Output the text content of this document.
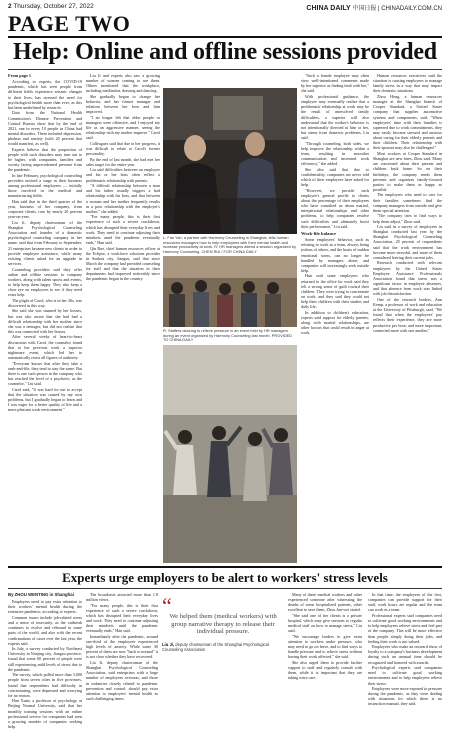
2 Thursday, October 27, 2022	CHINA DAILY 中国日报 | CHINADAILY.COM.CN
PAGE TWO
Help: Online and offline sessions provided
From page 1

According to experts, the COVID-19 pandemic, which has seen people from different fields experience seismic changes to their lives, has stressed the need for psychological health more than ever, as this has been underlined by research.

Data from the National Health Commission's Disease Prevention and Control Bureau show that by the end of 2021, one in every 10 people in China had mental disorders. These included depression, phobias and anxiety (with 20 percent that would manifest, as well).

Experts believe that the proportion of people with such disorders may turn out to be higher, with companies, families and society facing unprecedented pressure from the pandemic.

In late February, psychological counseling providers noticed a surge in their business among professional employees — initially those involved in the medical and manufacturing fields.

Han said that in the third quarter of the year, business of her company, from corporate clients, rose by nearly 20 percent year-on-year.

Liu Ji, deputy chairwoman of the Shanghai Psychological Counseling Association and founder of a domestic psychological counseling company in her name, said that from February to September, 21 enterprises became new clients in order to provide employee assistance, while many existing clients asked for an upgrade in services.

Counseling providers said they offer online and offline sessions to company workers, along with talent sports and events, to help keep them happy. They also keep a close eye on employees to see if they need extra help.

The plight of Carol, who is in her 30s, was discovered in this way.

She said she was stunned by her bosses, but was also aware that she had had a difficult relationship with her mother since she was a teenager, but did not realize that this was connected with her bosses.

After several weeks of heart-to-heart discussions with Carol, the counselor found that at her previous work a superior nightmare event, which led her to automatically resist all figures of authority.

"Everyone knows that after they take a rank-and-file, they tend to stay the same. But there is one such person in the company who has reached the level of a psychotic, as the counselor," Liu said.

Carol said, "It was hard for me to accept that the situation was caused by my own problems, but I gradually began to learn and I was eager for a better quality of life and a more pleasant work environment."

Liu Ji and experts also saw a growing number of women coming to see them. Others mentioned that the workplace, including meditation, drawing and dancing.

She gradually began to change her behavior, and her former manager and relations between her boss and him improved.

"I no longer felt that older people or managers were offensive, and I enjoyed my life as an aggressive manner, seeing the relationship with my mother improve." Carol said.

Colleagues said that due to her progress, it was difficult to relate to Carol's former personality.

By the end of last month, she had met her sales target for the entire year.

Liu said difficulties between an employee and his or her boss often reflect a problematic relationship with parents.

"A difficult relationship between a man and his father usually triggers a bad relationship with his boss, and that between a woman and her mother frequently results in a poor relationship with the employer's mother," she added.

"For many people, this is their first experience of such a severe crackdown, which has disrupted their everyday lives and work. They need to continue adjusting their mindsets amid the pandemic eventually ends," Han said.

Qin Rue, chief human resources officer at the Eclipse, a workforce solutions provider in Suzhou city, Jiangsu, said that since March the company had provided counseling for staff and that the situation in their departments had improved noticeably since the pandemic began in the country.

L: Fan Yan, a partner with Harmony Counseling in Shanghai, tells human resources managers how to help employees with their mental health and increase productivity at work. R: HR managers attend a session organized by Harmony Counseling. CHEN RUI / FOR CHINA DAILY
R: Staffers dancing to relieve pressure in an event held by HR managers during an event organized by Harmony Counseling last month. PROVIDED TO CHINA DAILY

"Such a female employee may often view well-intentioned comments made by her superior as finding fault with her," she said.

With professional guidance, the employee may eventually realize that a problematic relationship at work may be the result of unresolved family difficulties, a superior will also understand that the worker's behavior is not intentionally directed at him or her, but stems from domestic problems, Liu said.

"Through counseling, both sides, we help improve the relationship within a team, resulting in smoother communication and increased work efficiency," she added.

She also said that due to confidentiality, companies are never told which of their employees have asked for help.

"However, we provide each employee's general profile to clients about the percentage of their employees who have consulted us about marital, interpersonal relationships and other problems, to help companies resolve such difficulties and ultimately boost their performance," Liu said.

Work-life balance

Some employees' behavior, such as refusing to work as a team, always being jealous of others, and the bouts of sudden emotional stress, can no longer be handled by managers alone, and companies will increasingly seek outside help.

Han said some employees who returned to the office for work said they felt a strong sense of guilt toward their children. They were trying to concentrate on work, and they said they could not help their children with their studies and daily life.

In addition to children's education, experts said support for elderly parents, along with marital relationships, are other factors that could result in anger at work.

Human resources executives said the situation is causing employees to manage family stress in a way that may impact their domestic situations.

Zhou Hong, a human resources manager at the Shanghai branch of Cooper Standard, a United States company that supplies automotive systems and components, said, "When employees' time with their families is squeezed due to work commitments, they may easily become stressed and anxious about caring for their elderly parents and their children. Their relationship with their spouses may also be challenged."

Most workers at Cooper Standard in Shanghai are new hires, Zhou said. Many are concerned about their parents and children back home. So on their birthdays, the company sends them presents and organizes family-focused parties to make them as happy as possible.

The employees who need to care for their families sometimes find the company managers from outside and give them special attention.

"The company tries to find ways to help them adjust," Zhou said.

Liu said in a survey of employees in Shanghai conducted last year by the Shanghai Psychological Counseling Association, 25 percent of respondents said that the work environment has become more stressful, and more of them considered leaving their current jobs.

Research conducted with telecom employees by the United States Employee Assistance Professionals Association found that stress was a significant factor in employee absences, and that absence from work was linked with job dissatisfaction.

One of the research leaders, Ann Kemp, a professor of work and education at the University of Pittsburgh, said, "We found that when the employees' pay reflects their experience, they are more productive per hour, and more important, connected more with one another."

Experts urge employers to be alert to workers' stress levels
By ZHOU WENTING in Shanghai

Employers need to pay extra attention to their workers' mental health during the extensive pandemic, according to experts.

Common issues include job-related stress and a sense of insecurity, as the outbreak continues to evolve and rebound in some parts of the world, and also with the recent confirmations of cases over the last year, the experts said.

In July, a survey conducted by Northeast University in Nanjing city, Jiangsu province, found that some 60 percent of people were still experiencing mild levels of stress due to the pandemic.

The survey, which polled more than 3,000 people from seven cities in five provinces, found that respondents had difficulty in concentrating, were depressed and worrying for no reason.

Han Xuan, a professor of psychology at Beijing Normal University, said that her monthly training sessions with an online professional service for companies had seen a growing number of companies seeking help.

The broadcasts attracted more than 1.8 million views.

"For many people, this is their first experience of such a severe crackdown, which has disrupted their everyday lives and work. They need to continue adjusting their mindsets until the pandemic eventually ends," Han said.

Immediately after the pandemic, around one-third of the employees experienced high levels of anxiety. While some 30 percent of them are now "back to normal" it is not clear whether they have recovered.

Liu Ji, deputy chairwoman of the Shanghai Psychological Counseling Association, said enterprises with a large number of employees overseas, and those in industries closely related to pandemic prevention and control, should pay extra attention to employees' mental health as such challenging times.

“
We helped them (medical workers) with group narrative therapy to release their individual pressure.
Liu Ji, deputy chairwoman of the Shanghai Psychological Counseling Association

Many of these medical workers and other experienced someone after witnessing the deaths of some hospitalized patients, other excellent to save them, Zhou Jun-wei stated.

"She said one of her clients is a private hospital, which may give sessions to regular medical staff on how to manage stress," Liu said.

"We encourage leaders to give extra attention to workers under pressure, who may need to go on leave, and to find ways to handle pressure and to relieve stress without having their work affected," she said.

She also urged them to provide further support to staff and regularly consult with them, while it is important that they are taking extra care.

In that time, the employees of the first, companies can provide support for their staff, work hours are regular and the team can work as a team.

Professional experts said companies need to cultivate good working environments and to help employees relieve stress and feel part of the company. This will be more effective than people simply doing their jobs, and feeling their work is not valued.

Employees who make an outward show of loyalty to a company's business development during such an unusual time should be recognized and honored with awards.

Psychological experts said companies need to cultivate good working environments and to help employees relieve their stress.

Employees were more exposed to pressure during the pandemic, as they were dealing with situations for which there is no instruction manual, they said.
